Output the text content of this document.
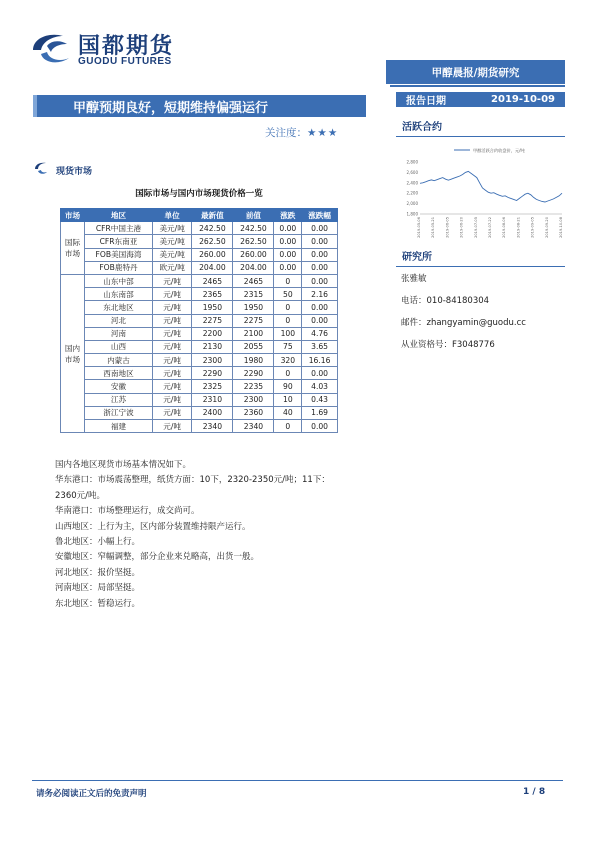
国都期货
GUODU FUTURES
甲醇晨报/期货研究
甲醇预期良好，短期维持偏强运行	报告日期	2019-10-09
关注度：★★★	活跃合约
甲醇活跃合约收盘价，元/吨
2,800
2,600
2,400
2,200
2,000
1,800
2019-05-06	2019-05-21	2019-06-05	2019-06-20	2019-07-05	2019-07-22	2019-08-06	2019-08-21	2019-09-05	2019-09-20	2019-10-08
现货市场
国际市场与国内市场现货价格一览
市场	地区	单位	最新值	前值	涨跌	涨跌幅
国际市场	CFR中国主港	美元/吨	242.50	242.50	0.00	0.00
	CFR东南亚	美元/吨	262.50	262.50	0.00	0.00
	FOB美国海湾	美元/吨	260.00	260.00	0.00	0.00
	FOB鹿特丹	欧元/吨	204.00	204.00	0.00	0.00
国内市场	山东中部	元/吨	2465	2465	0	0.00
	山东南部	元/吨	2365	2315	50	2.16
	东北地区	元/吨	1950	1950	0	0.00
	河北	元/吨	2275	2275	0	0.00
	河南	元/吨	2200	2100	100	4.76
	山西	元/吨	2130	2055	75	3.65
	内蒙古	元/吨	2300	1980	320	16.16
	西南地区	元/吨	2290	2290	0	0.00
	安徽	元/吨	2325	2235	90	4.03
	江苏	元/吨	2310	2300	10	0.43
	浙江宁波	元/吨	2400	2360	40	1.69
	福建	元/吨	2340	2340	0	0.00

国内各地区现货市场基本情况如下。

华东港口：市场震荡整理，纸货方面：10下，2320-2350元/吨；11下：2360元/吨。

华南港口：市场整理运行，成交尚可。

山西地区：上行为主，区内部分装置维持限产运行。

鲁北地区：小幅上行。

安徽地区：窄幅调整，部分企业来兑略高，出货一般。

河北地区：报价坚挺。

河南地区：局部坚挺。

东北地区：暂稳运行。

研究所
张雅敏
电话：010-84180304
邮件：zhangyamin@guodu.cc
从业资格号：F3048776
请务必阅读正文后的免责声明	1 / 8
